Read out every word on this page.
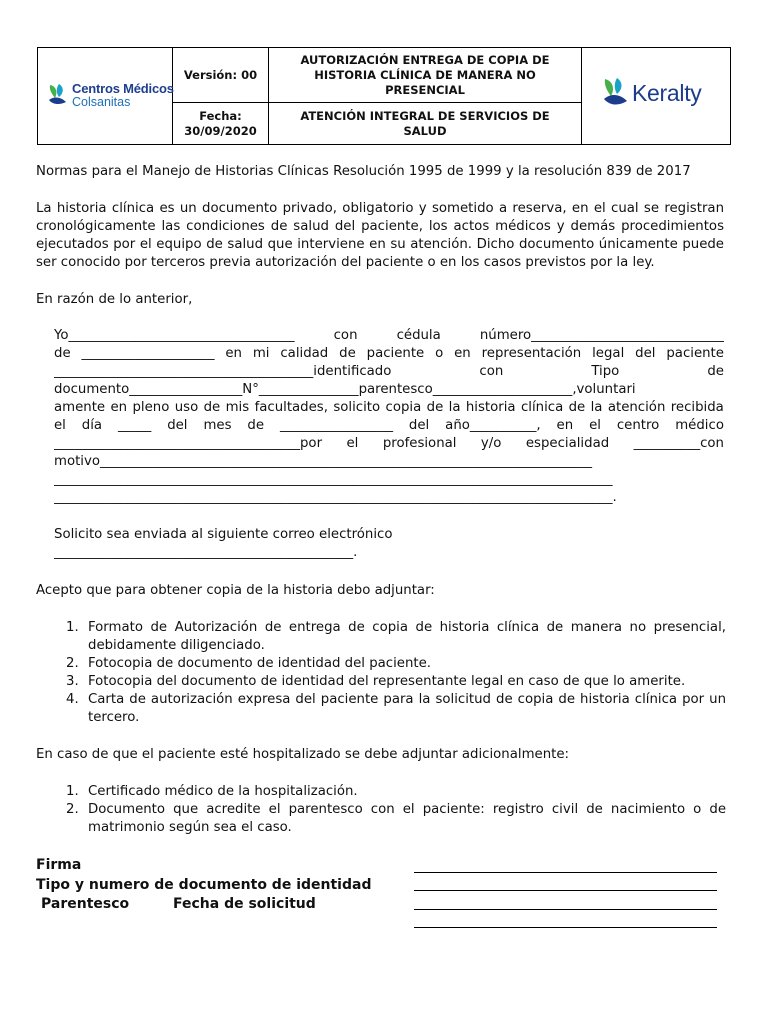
Centros Médicos
Colsanitas
Versión: 00
Fecha:
30/09/2020
AUTORIZACIÓN ENTREGA DE COPIA DE HISTORIA CLÍNICA DE MANERA NO PRESENCIAL
ATENCIÓN INTEGRAL DE SERVICIOS DE SALUD
Keralty
Normas para el Manejo de Historias Clínicas Resolución 1995 de 1999 y la resolución 839 de 2017
La historia clínica es un documento privado, obligatorio y sometido a reserva, en el cual se registran cronológicamente las condiciones de salud del paciente, los actos médicos y demás procedimientos ejecutados por el equipo de salud que interviene en su atención. Dicho documento únicamente puede ser conocido por terceros previa autorización del paciente o en los casos previstos por la ley.
En razón de lo anterior,
Yo__________________________________	con	cédula	número_____________________________
de ____________________ en mi calidad de paciente o en representación legal del paciente
_______________________________________identificado	con	Tipo	de
documento_________________N°_______________parentesco_____________________,voluntari
amente en pleno uso de mis facultades, solicito copia de la historia clínica de la atención recibida
el día _____ del mes de _________________ del año__________, en el centro médico
_____________________________________por el profesional y/o especialidad __________con
motivo__________________________________________________________________________
____________________________________________________________________________________
____________________________________________________________________________________.
Solicito sea enviada al siguiente correo electrónico
_____________________________________________.
Acepto que para obtener copia de la historia debo adjuntar:
1. Formato de Autorización de entrega de copia de historia clínica de manera no presencial, debidamente diligenciado.
2. Fotocopia de documento de identidad del paciente.
3. Fotocopia del documento de identidad del representante legal en caso de que lo amerite.
4. Carta de autorización expresa del paciente para la solicitud de copia de historia clínica por un tercero.
En caso de que el paciente esté hospitalizado se debe adjuntar adicionalmente:
1. Certificado médico de la hospitalización.
2. Documento que acredite el parentesco con el paciente: registro civil de nacimiento o de matrimonio según sea el caso.
Firma
Tipo y numero de documento de identidad
Parentesco	Fecha de solicitud
